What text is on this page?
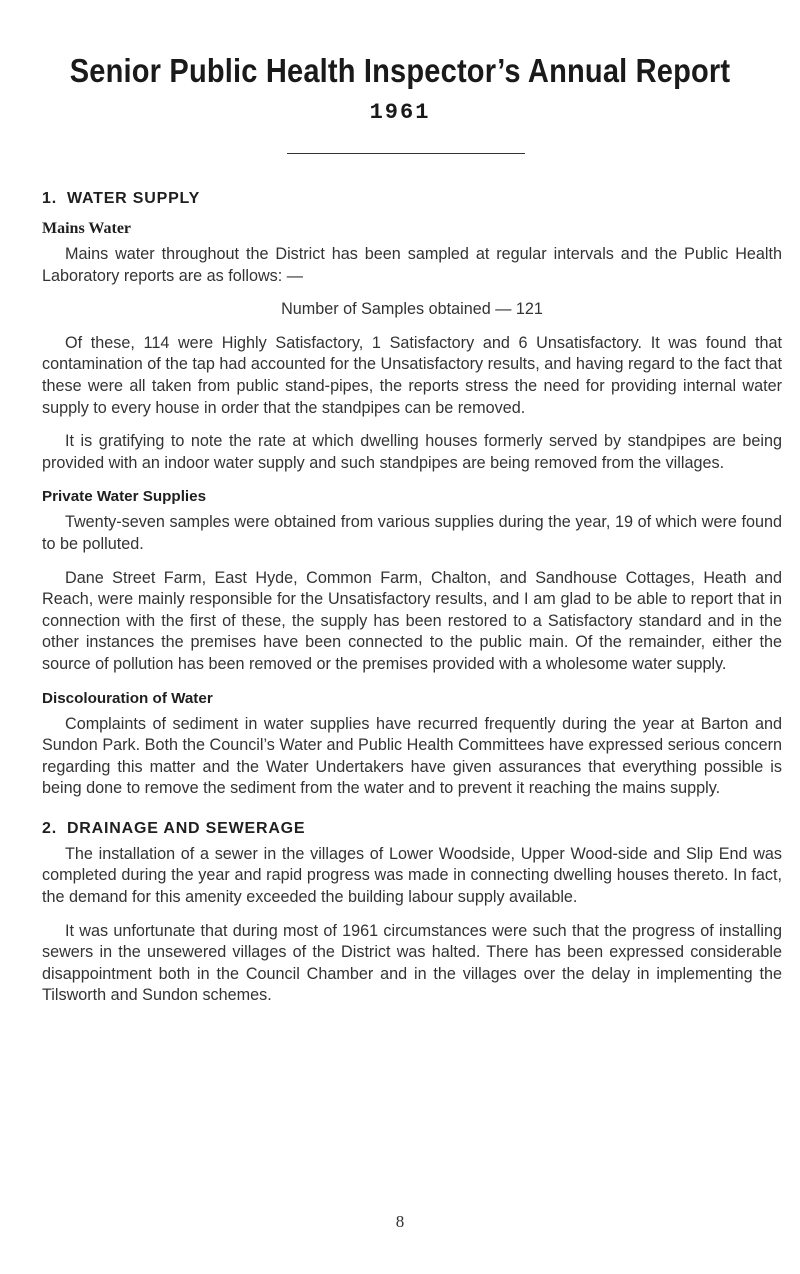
Senior Public Health Inspector’s Annual Report
1961
1. WATER SUPPLY
Mains Water

Mains water throughout the District has been sampled at regular intervals and the Public Health Laboratory reports are as follows: —

Number of Samples obtained — 121

Of these, 114 were Highly Satisfactory, 1 Satisfactory and 6 Unsatisfactory. It was found that contamination of the tap had accounted for the Unsatisfactory results, and having regard to the fact that these were all taken from public stand-pipes, the reports stress the need for providing internal water supply to every house in order that the standpipes can be removed.

It is gratifying to note the rate at which dwelling houses formerly served by standpipes are being provided with an indoor water supply and such standpipes are being removed from the villages.

Private Water Supplies

Twenty-seven samples were obtained from various supplies during the year, 19 of which were found to be polluted.

Dane Street Farm, East Hyde, Common Farm, Chalton, and Sandhouse Cottages, Heath and Reach, were mainly responsible for the Unsatisfactory results, and I am glad to be able to report that in connection with the first of these, the supply has been restored to a Satisfactory standard and in the other instances the premises have been connected to the public main. Of the remainder, either the source of pollution has been removed or the premises provided with a wholesome water supply.

Discolouration of Water

Complaints of sediment in water supplies have recurred frequently during the year at Barton and Sundon Park. Both the Council’s Water and Public Health Committees have expressed serious concern regarding this matter and the Water Undertakers have given assurances that everything possible is being done to remove the sediment from the water and to prevent it reaching the mains supply.

2. DRAINAGE AND SEWERAGE

The installation of a sewer in the villages of Lower Woodside, Upper Wood-side and Slip End was completed during the year and rapid progress was made in connecting dwelling houses thereto. In fact, the demand for this amenity exceeded the building labour supply available.

It was unfortunate that during most of 1961 circumstances were such that the progress of installing sewers in the unsewered villages of the District was halted. There has been expressed considerable disappointment both in the Council Chamber and in the villages over the delay in implementing the Tilsworth and Sundon schemes.

8
